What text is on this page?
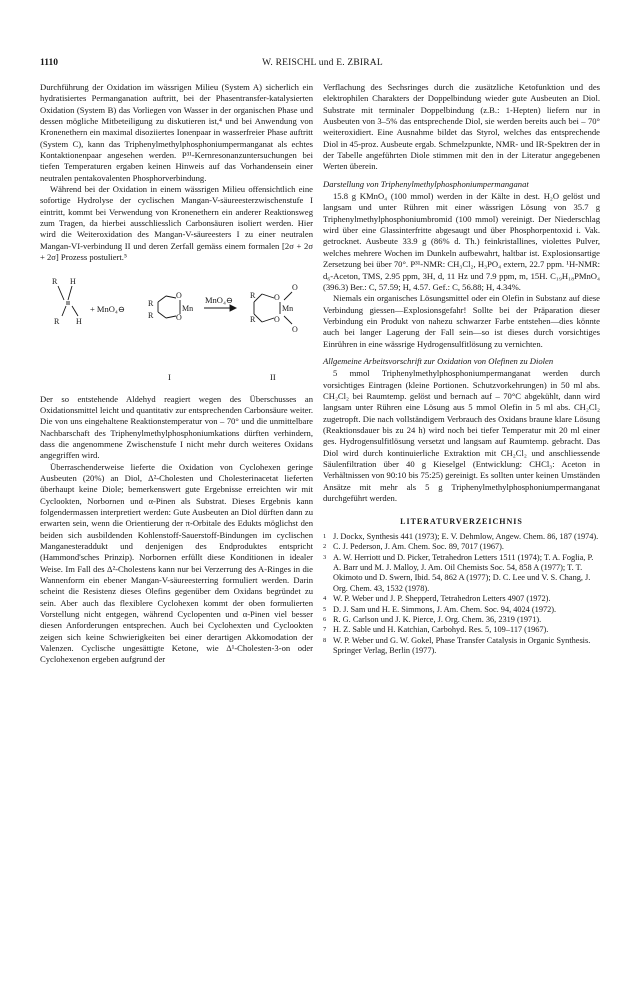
1110	W. REISCHL und E. ZBIRAL

Durchführung der Oxidation im wässrigen Milieu (System A) sicherlich ein hydratisiertes Permanganation auftritt, bei der Phasentransfer-katalysierten Oxidation (System B) das Vorliegen von Wasser in der organischen Phase und dessen mögliche Mitbeteiligung zu diskutieren ist,⁴ und bei Anwendung von Kronenethern ein maximal disoziiertes Ionenpaar in wasserfreier Phase auftritt (System C), kann das Triphenylmethylphosphoniumpermanganat als echtes Kontaktionenpaar angesehen werden. P³¹-Kernresonanzuntersuchungen bei tiefen Temperaturen ergaben keinen Hinweis auf das Vorhandensein einer neutralen pentakovalenten Phosphorverbindung.

Während bei der Oxidation in einem wässrigen Milieu offensichtlich eine sofortige Hydrolyse der cyclischen Mangan-V-säureesterzwischenstufe I eintritt, kommt bei Verwendung von Kronenethern ein anderer Reaktionsweg zum Tragen, da hierbei ausschliesslich Carbonsäuren isoliert werden. Hier wird die Weiteroxidation des Mangan-V-säureesters I zu einer neutralen Mangan-VI-verbindung II und deren Zerfall gemäss einem formalen [2σ + 2σ + 2σ] Prozess postuliert.⁵

R H
R H
R
R
O
O
Mn
R
R
O
O
Mn
O
O
+ MnO₄⊖
MnO₄⊖
I	II

Der so entstehende Aldehyd reagiert wegen des Überschusses an Oxidationsmittel leicht und quantitativ zur entsprechenden Carbonsäure weiter. Die von uns eingehaltene Reaktionstemperatur von – 70° und die unmittelbare Nachbarschaft des Triphenylmethylphosphoniumkations dürften verhindern, dass die angenommene Zwischenstufe I nicht mehr durch weiteres Oxidans angegriffen wird.

Überraschenderweise lieferte die Oxidation von Cyclohexen geringe Ausbeuten (20%) an Diol, Δ²-Cholesten und Cholesterinacetat lieferten überhaupt keine Diole; bemerkenswert gute Ergebnisse erreichten wir mit Cyclookten, Norbornen und α-Pinen als Substrat. Dieses Ergebnis kann folgendermassen interpretiert werden: Gute Ausbeuten an Diol dürften dann zu erwarten sein, wenn die Orientierung der π-Orbitale des Edukts möglichst den beiden sich ausbildenden Kohlenstoff-Sauerstoff-Bindungen im cyclischen Manganesteraddukt und denjenigen des Endproduktes entspricht (Hammond'sches Prinzip). Norbornen erfüllt diese Konditionen in idealer Weise. Im Fall des Δ²-Cholestens kann nur bei Verzerrung des A-Ringes in die Wannenform ein ebener Mangan-V-säureesterring formuliert werden. Darin scheint die Resistenz dieses Olefins gegenüber dem Oxidans begründet zu sein. Aber auch das flexiblere Cyclohexen kommt der oben formulierten Vorstellung nicht entgegen, während Cyclopenten und α-Pinen viel besser diesen Anforderungen entsprechen. Auch bei Cyclohexten und Cyclookten zeigen sich keine Schwierigkeiten bei einer derartigen Akkomodation der Valenzen. Cyclische ungesättigte Ketone, wie Δ¹-Cholesten-3-on oder Cyclohexenon ergeben aufgrund der

Verflachung des Sechsringes durch die zusätzliche Ketofunktion und des elektrophilen Charakters der Doppelbindung wieder gute Ausbeuten an Diol. Substrate mit terminaler Doppelbindung (z.B.: 1-Hepten) liefern nur in Ausbeuten von 3–5% das entsprechende Diol, sie werden bereits auch bei – 70° weiteroxidiert. Eine Ausnahme bildet das Styrol, welches das entsprechende Diol in 45-proz. Ausbeute ergab. Schmelzpunkte, NMR- und IR-Spektren der in der Tabelle angeführten Diole stimmen mit den in der Literatur angegebenen Werten überein.

Darstellung von Triphenylmethylphosphoniumpermanganat

15.8 g KMnO₄ (100 mmol) werden in der Kälte in dest. H₂O gelöst und langsam und unter Rühren mit einer wässrigen Lösung von 35.7 g Triphenylmethylphosphoniumbromid (100 mmol) vereinigt. Der Niederschlag wird über eine Glassinterfritte abgesaugt und über Phosphorpentoxid i. Vak. getrocknet. Ausbeute 33.9 g (86% d. Th.) feinkristallines, violettes Pulver, welches mehrere Wochen im Dunkeln aufbewahrt, haltbar ist. Explosionsartige Zersetzung bei über 70°. P³¹-NMR: CH₃Cl₂, H₃PO₄ extern, 22.7 ppm. ¹H-NMR: d₆-Aceton, TMS, 2.95 ppm, 3H, d, 11 Hz und 7.9 ppm, m, 15H. C₁₉H₁₈PMnO₄ (396.3) Ber.: C, 57.59; H, 4.57. Gef.: C, 56.88; H, 4.34%.

Niemals ein organisches Lösungsmittel oder ein Olefin in Substanz auf diese Verbindung giessen—Explosionsgefahr! Sollte bei der Präparation dieser Verbindung ein Produkt von nahezu schwarzer Farbe entstehen—dies könnte auch bei langer Lagerung der Fall sein—so ist dieses durch vorsichtiges Einrühren in eine wässrige Hydrogensulfitlösung zu vernichten.

Allgemeine Arbeitsvorschrift zur Oxidation von Olefinen zu Diolen

5 mmol Triphenylmethylphosphoniumpermanganat werden durch vorsichtiges Eintragen (kleine Portionen. Schutzvorkehrungen) in 50 ml abs. CH₂Cl₂ bei Raumtemp. gelöst und bernach auf – 70°C abgekühlt, dann wird langsam unter Rühren eine Lösung aus 5 mmol Olefin in 5 ml abs. CH₂Cl₂ zugetropft. Die nach vollständigem Verbrauch des Oxidans braune klare Lösung (Reaktionsdauer bis zu 24 h) wird noch bei tiefer Temperatur mit 20 ml einer ges. Hydrogensulfitlösung versetzt und langsam auf Raumtemp. gebracht. Das Diol wird durch kontinuierliche Extraktion mit CH₂Cl₂ und anschliessende Säulenfiltration über 40 g Kieselgel (Entwicklung: CHCl₃: Aceton in Verhältnissen von 90:10 bis 75:25) gereinigt. Es sollten unter keinen Umständen Ansätze mit mehr als 5 g Triphenylmethylphosphoniumpermanganat durchgeführt werden.

LITERATURVERZEICHNIS
1 J. Dockx, Synthesis 441 (1973); E. V. Dehmlow, Angew. Chem. 86, 187 (1974).
2 C. J. Pederson, J. Am. Chem. Soc. 89, 7017 (1967).
3 A. W. Herriott und D. Picker, Tetrahedron Letters 1511 (1974); T. A. Foglia, P. A. Barr und M. J. Malloy, J. Am. Oil Chemists Soc. 54, 858 A (1977); T. T. Okimoto und D. Swern, Ibid. 54, 862 A (1977); D. C. Lee und V. S. Chang, J. Org. Chem. 43, 1532 (1978).
4 W. P. Weber und J. P. Shepperd, Tetrahedron Letters 4907 (1972).
5 D. J. Sam und H. E. Simmons, J. Am. Chem. Soc. 94, 4024 (1972).
6 R. G. Carlson und J. K. Pierce, J. Org. Chem. 36, 2319 (1971).
7 H. Z. Sable und H. Katchian, Carbohyd. Res. 5, 109–117 (1967).
8 W. P. Weber und G. W. Gokel, Phase Transfer Catalysis in Organic Synthesis. Springer Verlag, Berlin (1977).
